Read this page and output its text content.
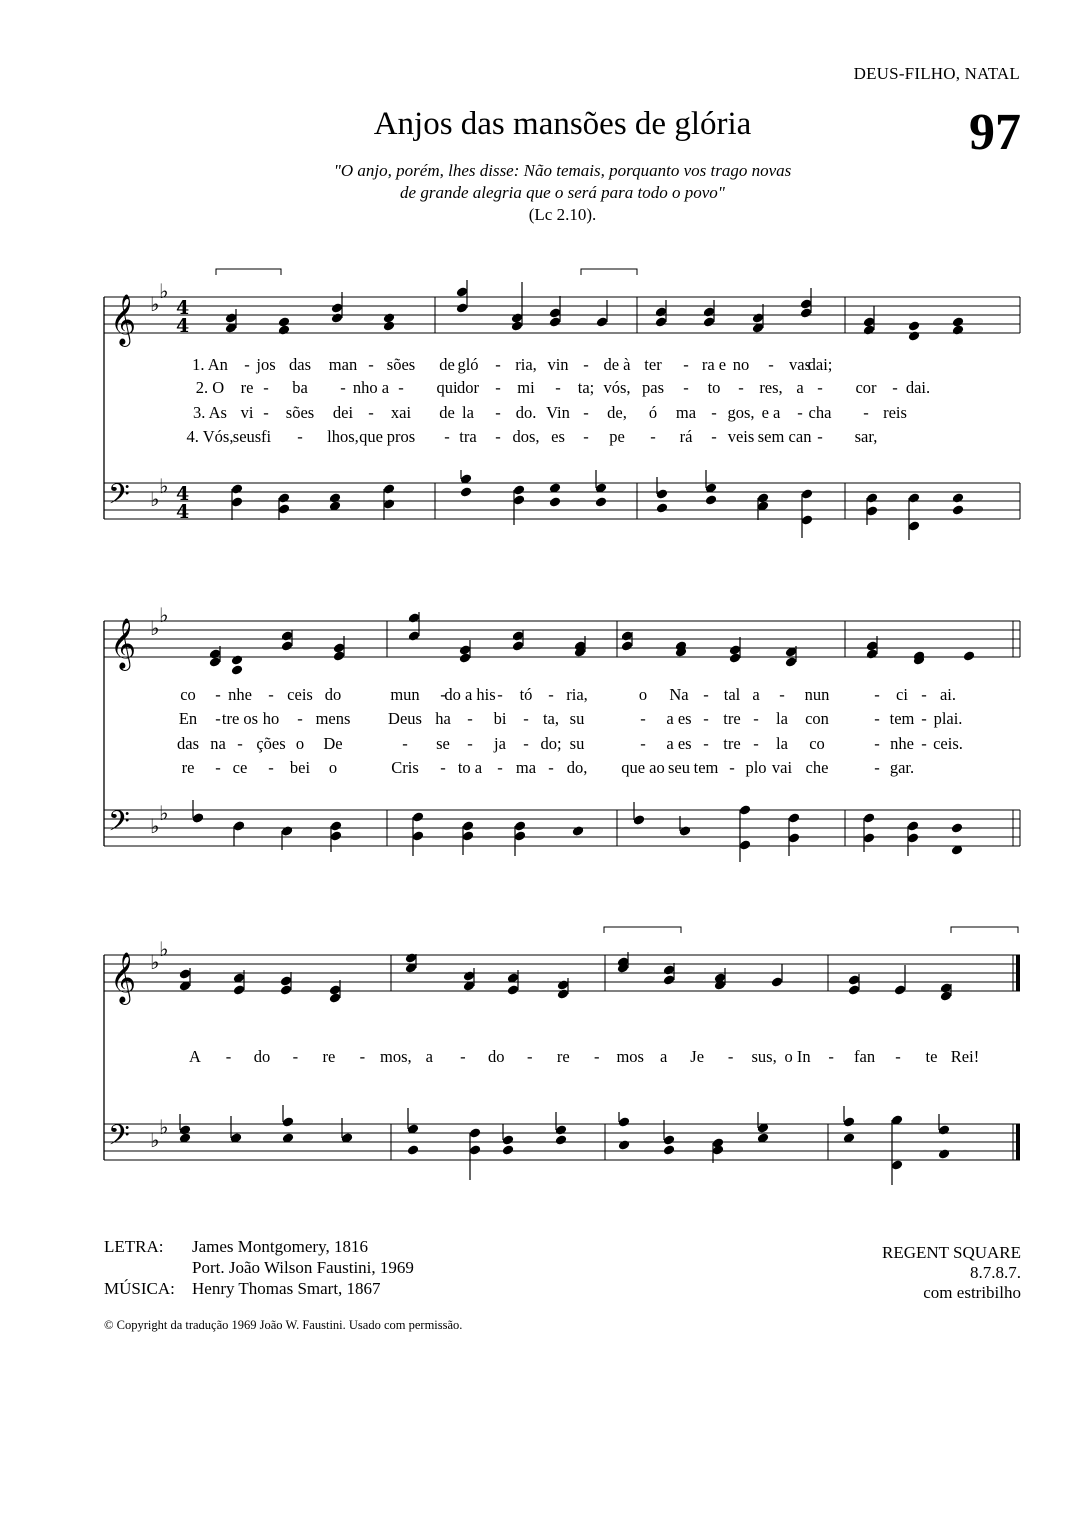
DEUS-FILHO, NATAL
Anjos das mansões de glória	97
"O anjo, porém, lhes disse: Não temais, porquanto vos trago novas
de grande alegria que o será para todo o povo"
(Lc 2.10).
𝄞 ♭
♭
4
4
𝄢 ♭
♭ 4
4
1. An - jos das man - sões de gló - ria, vin - de à ter - ra e no - vas
dai;
2. O re - ba - nho a - qui dor - mi - ta; vós, pas - to - res, a - cor - dai.
3. As vi - sões dei - xai de la - do. Vin - de, ó ma - gos, e a - cha - reis
4. Vós, seus fi - lhos, que pros - tra - dos, es - pe - rá - veis sem can - sar,
𝄞 ♭
♭
𝄢 ♭
♭
co - nhe - ceis do	mun -
do a his - tó - ria,	o Na - tal a - nun	- ci - ai.
En - tre os ho - mens Deus ha - bi - ta, su	- a es - tre - la con	- tem - plai.
das na - ções o De	- se - ja - do; su	- a es - tre - la co	- nhe - ceis.
re - ce - bei o	Cris - to a - ma - do, que ao seu tem - plo vai che	- gar.
𝄞 ♭
♭
𝄢 ♭
♭
A - do - re - mos, a - do - re - mos a Je - sus, o In - fan - te Rei!
LETRA: James Montgomery, 1816
Port. João Wilson Faustini, 1969
MÚSICA: Henry Thomas Smart, 1867
REGENT SQUARE
8.7.8.7.
com estribilho
© Copyright da tradução 1969 João W. Faustini. Usado com permissão.
